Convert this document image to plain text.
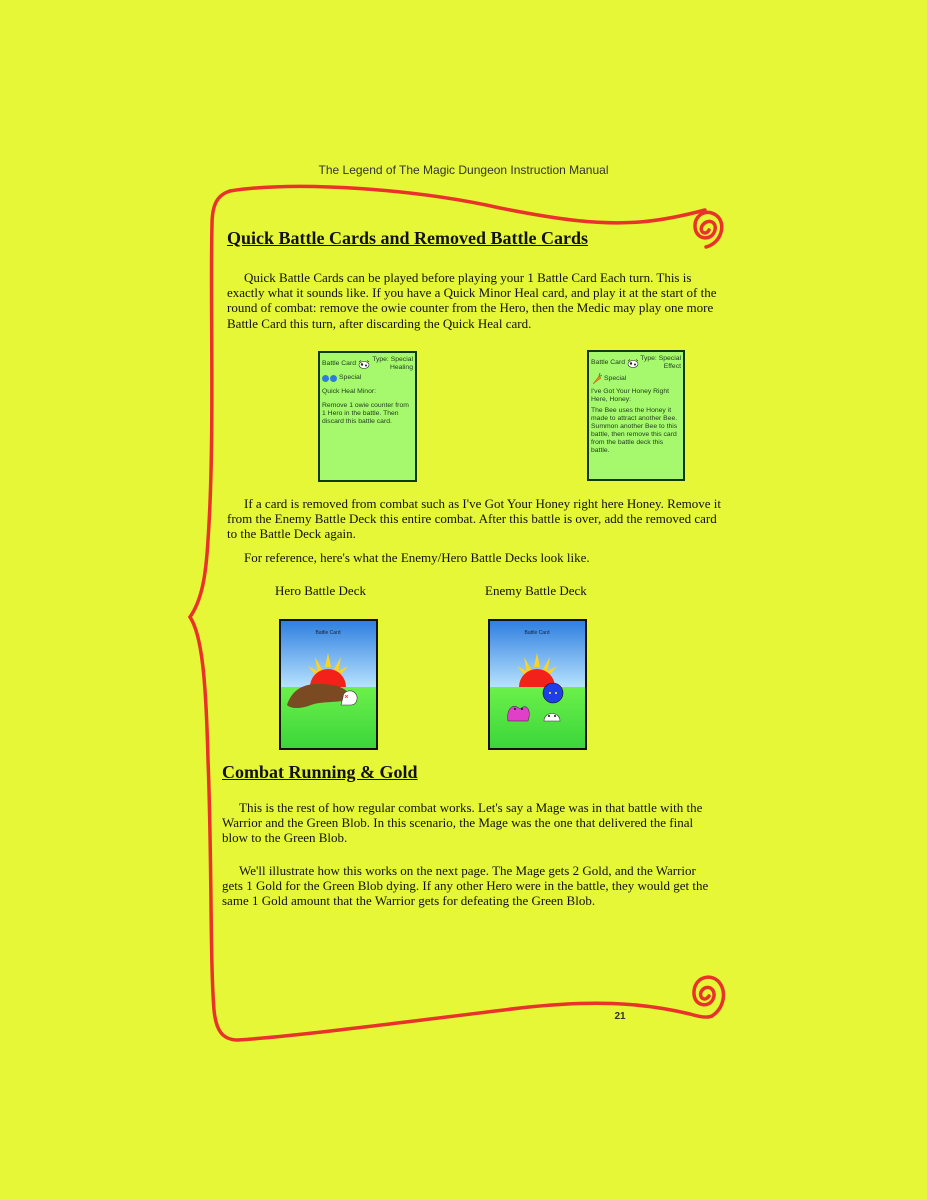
The Legend of The Magic Dungeon Instruction Manual
Quick Battle Cards and Removed Battle Cards

Quick Battle Cards can be played before playing your 1 Battle Card Each turn. This is exactly what it sounds like. If you have a Quick Minor Heal card, and play it at the start of the round of combat: remove the owie counter from the Hero, then the Medic may play one more Battle Card this turn, after discarding the Quick Heal card.

Battle Card
Type: Special Healing
Special
Quick Heal Minor:
Remove 1 owie counter from 1 Hero in the battle. Then discard this battle card.
Battle Card
Type: Special Effect
Special
I've Got Your Honey Right Here, Honey:
The Bee uses the Honey it made to attract another Bee. Summon another Bee to this battle, then remove this card from the battle deck this battle.

If a card is removed from combat such as I've Got Your Honey right here Honey. Remove it from the Enemy Battle Deck this entire combat. After this battle is over, add the removed card to the Battle Deck again.

For reference, here's what the Enemy/Hero Battle Decks look like.

Hero Battle Deck	Enemy Battle Deck
Battle Card	Battle Card
Combat Running & Gold

This is the rest of how regular combat works. Let's say a Mage was in that battle with the Warrior and the Green Blob. In this scenario, the Mage was the one that delivered the final blow to the Green Blob.

We'll illustrate how this works on the next page. The Mage gets 2 Gold, and the Warrior gets 1 Gold for the Green Blob dying. If any other Hero were in the battle, they would get the same 1 Gold amount that the Warrior gets for defeating the Green Blob.

21
